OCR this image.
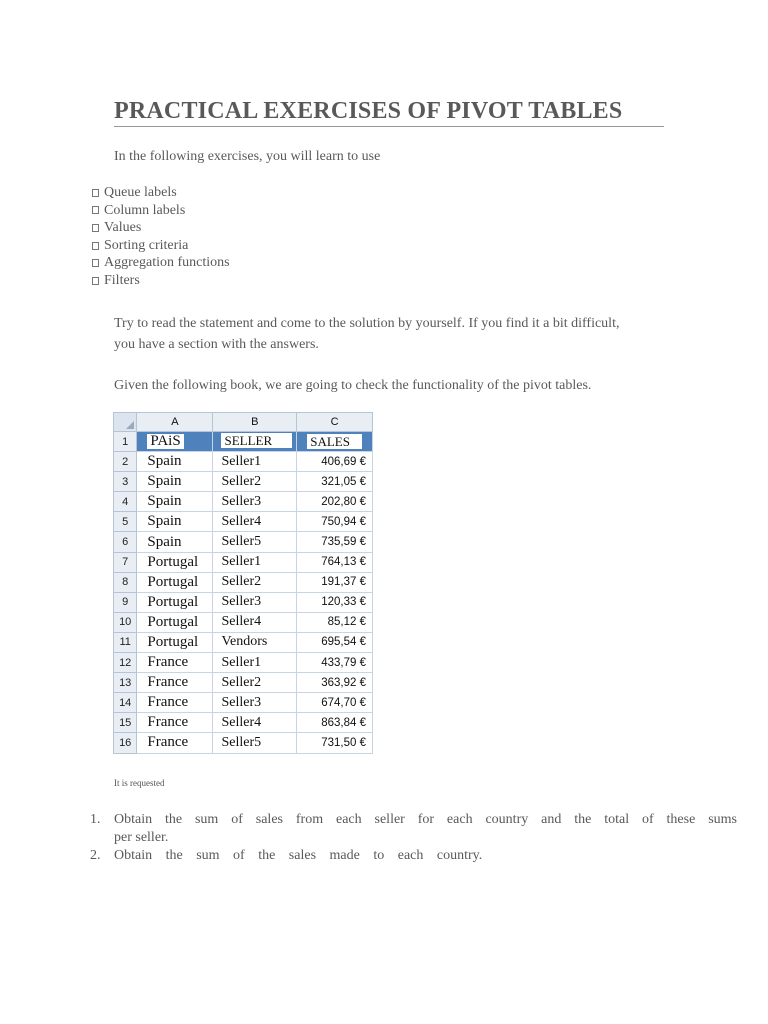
PRACTICAL EXERCISES OF PIVOT TABLES
In the following exercises, you will learn to use
Queue labels
Column labels
Values
Sorting criteria
Aggregation functions
Filters
Try to read the statement and come to the solution by yourself. If you find it a bit difficult,
you have a section with the answers.
Given the following book, we are going to check the functionality of the pivot tables.
	A	B	C
1	PAiS	SELLER	SALES
2	Spain	Seller1	406,69 €
3	Spain	Seller2	321,05 €
4	Spain	Seller3	202,80 €
5	Spain	Seller4	750,94 €
6	Spain	Seller5	735,59 €
7	Portugal	Seller1	764,13 €
8	Portugal	Seller2	191,37 €
9	Portugal	Seller3	120,33 €
10	Portugal	Seller4	85,12 €
11	Portugal	Vendors	695,54 €
12	France	Seller1	433,79 €
13	France	Seller2	363,92 €
14	France	Seller3	674,70 €
15	France	Seller4	863,84 €
16	France	Seller5	731,50 €
It is requested
1. Obtain the sum of sales from each seller for each country and the total of these sums
per seller.
2. Obtain the sum of the sales made to each country.
